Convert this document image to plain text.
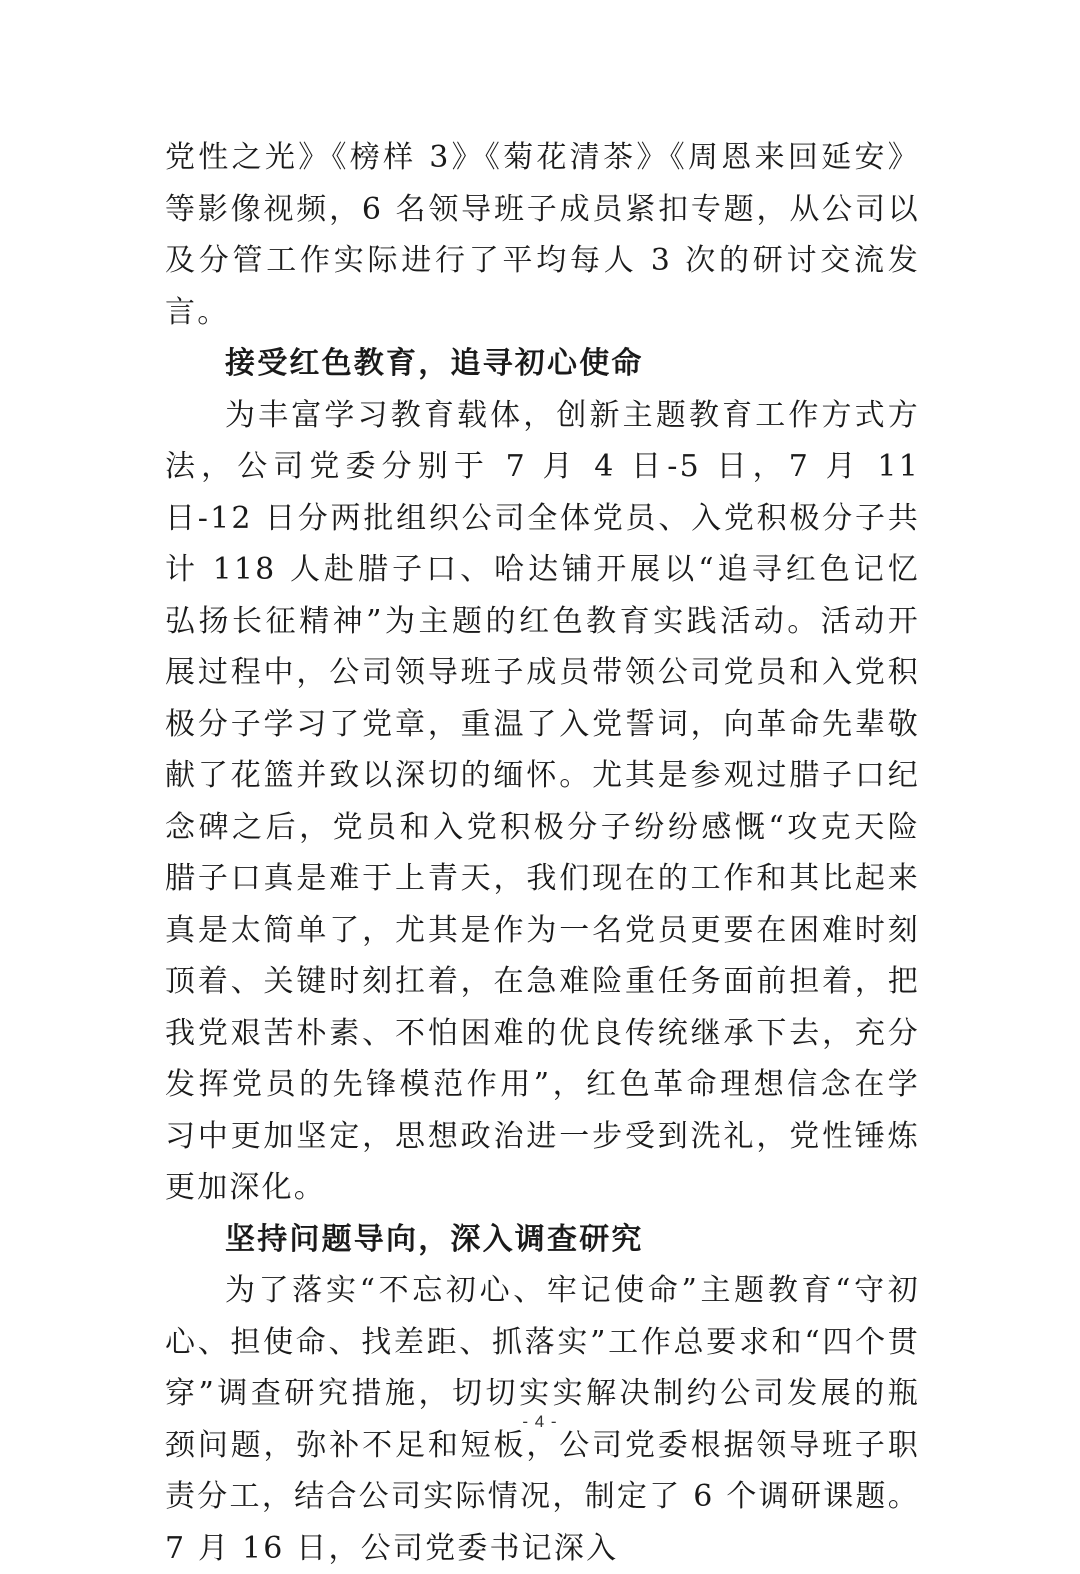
党性之光》《榜样 3》《菊花清茶》《周恩来回延安》等影像视频，6 名领导班子成员紧扣专题，从公司以及分管工作实际进行了平均每人 3 次的研讨交流发言。

接受红色教育，追寻初心使命

为丰富学习教育载体，创新主题教育工作方式方法，公司党委分别于 7 月 4 日-5 日，7 月 11 日-12 日分两批组织公司全体党员、入党积极分子共计 118 人赴腊子口、哈达铺开展以“追寻红色记忆 弘扬长征精神”为主题的红色教育实践活动。活动开展过程中，公司领导班子成员带领公司党员和入党积极分子学习了党章，重温了入党誓词，向革命先辈敬献了花篮并致以深切的缅怀。尤其是参观过腊子口纪念碑之后，党员和入党积极分子纷纷感慨“攻克天险腊子口真是难于上青天，我们现在的工作和其比起来真是太简单了，尤其是作为一名党员更要在困难时刻顶着、关键时刻扛着，在急难险重任务面前担着，把我党艰苦朴素、不怕困难的优良传统继承下去，充分发挥党员的先锋模范作用”，红色革命理想信念在学习中更加坚定，思想政治进一步受到洗礼，党性锤炼更加深化。

坚持问题导向，深入调查研究

为了落实“不忘初心、牢记使命”主题教育“守初心、担使命、找差距、抓落实”工作总要求和“四个贯穿”调查研究措施，切切实实解决制约公司发展的瓶颈问题，弥补不足和短板，公司党委根据领导班子职责分工，结合公司实际情况，制定了 6 个调研课题。7 月 16 日，公司党委书记深入

- 4 -
